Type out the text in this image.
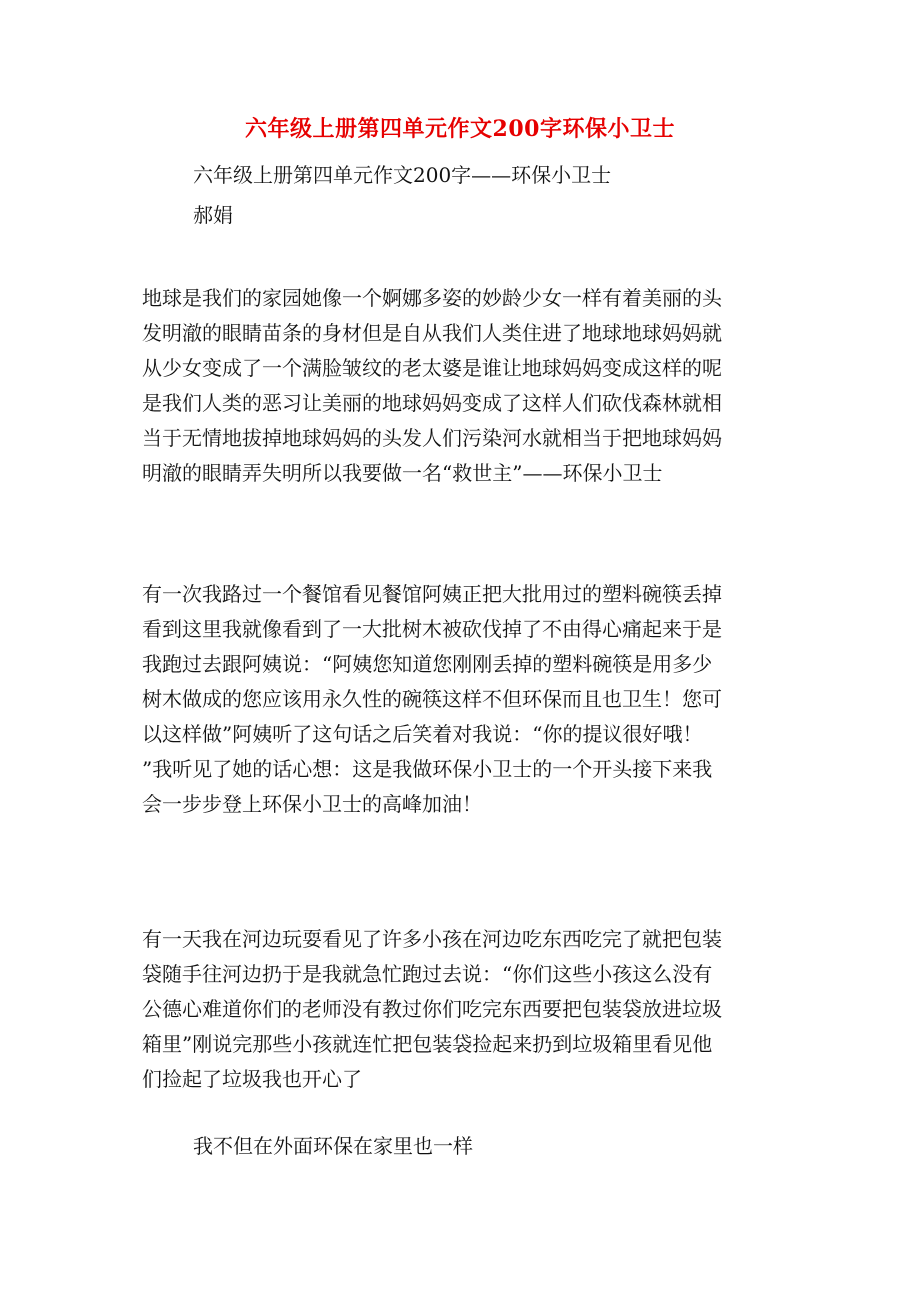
六年级上册第四单元作文200字环保小卫士
六年级上册第四单元作文200字——环保小卫士
郝娟
地球是我们的家园她像一个婀娜多姿的妙龄少女一样有着美丽的头
发明澈的眼睛苗条的身材但是自从我们人类住进了地球地球妈妈就
从少女变成了一个满脸皱纹的老太婆是谁让地球妈妈变成这样的呢
是我们人类的恶习让美丽的地球妈妈变成了这样人们砍伐森林就相
当于无情地拔掉地球妈妈的头发人们污染河水就相当于把地球妈妈
明澈的眼睛弄失明所以我要做一名“救世主”——环保小卫士
有一次我路过一个餐馆看见餐馆阿姨正把大批用过的塑料碗筷丢掉
看到这里我就像看到了一大批树木被砍伐掉了不由得心痛起来于是
我跑过去跟阿姨说：“阿姨您知道您刚刚丢掉的塑料碗筷是用多少
树木做成的您应该用永久性的碗筷这样不但环保而且也卫生！您可
以这样做”阿姨听了这句话之后笑着对我说：“你的提议很好哦！
”我听见了她的话心想：这是我做环保小卫士的一个开头接下来我
会一步步登上环保小卫士的高峰加油！
有一天我在河边玩耍看见了许多小孩在河边吃东西吃完了就把包装
袋随手往河边扔于是我就急忙跑过去说：“你们这些小孩这么没有
公德心难道你们的老师没有教过你们吃完东西要把包装袋放进垃圾
箱里”刚说完那些小孩就连忙把包装袋捡起来扔到垃圾箱里看见他
们捡起了垃圾我也开心了
我不但在外面环保在家里也一样
